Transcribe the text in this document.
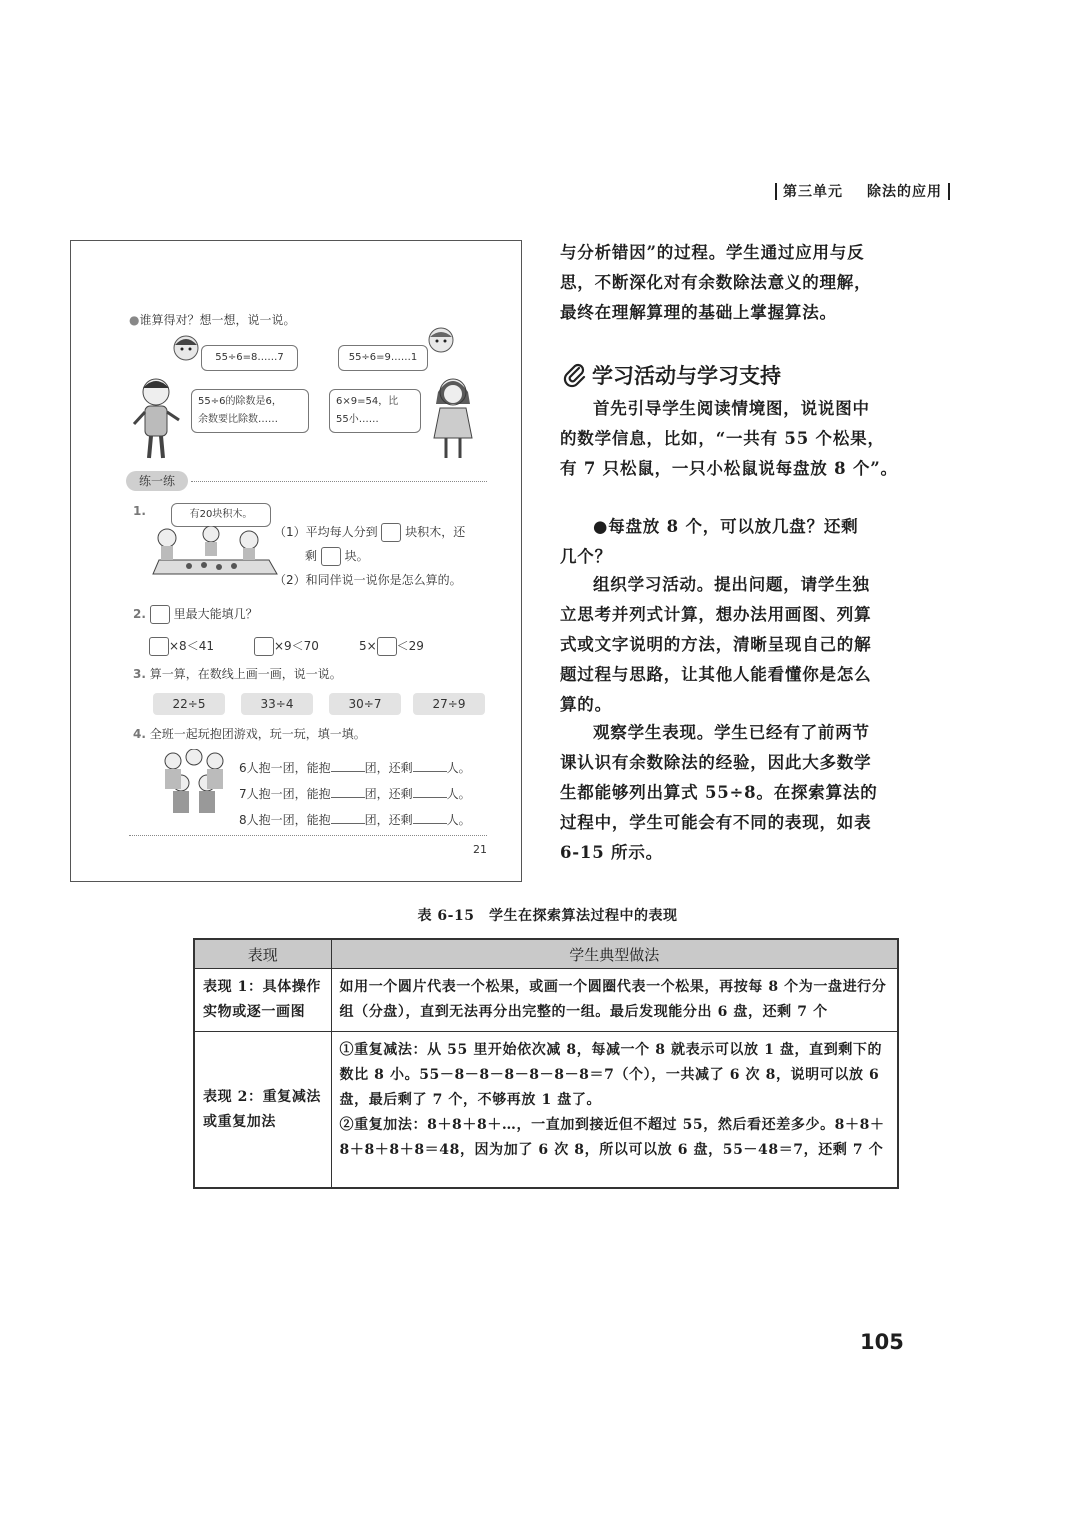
第三单元 除法的应用
●谁算得对？想一想，说一说。
55÷6=8……7	55÷6=9……1
55÷6的除数是6，
余数要比除数……
6×9=54，比
55小……
练一练
1.	有20块积木。
（1）平均每人分到 块积木，还
剩 块。
（2）和同伴说一说你是怎么算的。
2. 里最大能填几？
×8＜41	×9＜70	5× ＜29
3. 算一算，在数线上画一画，说一说。
22÷5	33÷4	30÷7	27÷9
4. 全班一起玩抱团游戏，玩一玩，填一填。
6人抱一团，能抱	团，还剩	人。
7人抱一团，能抱	团，还剩	人。
8人抱一团，能抱	团，还剩	人。
21

与分析错因”的过程。学生通过应用与反

思，不断深化对有余数除法意义的理解，

最终在理解算理的基础上掌握算法。

学习活动与学习支持

首先引导学生阅读情境图，说说图中

的数学信息，比如，“一共有 55 个松果，

有 7 只松鼠，一只小松鼠说每盘放 8 个”。

●每盘放 8 个，可以放几盘？还剩

几个？

组织学习活动。提出问题，请学生独

立思考并列式计算，想办法用画图、列算

式或文字说明的方法，清晰呈现自己的解

题过程与思路，让其他人能看懂你是怎么

算的。

观察学生表现。学生已经有了前两节

课认识有余数除法的经验，因此大多数学

生都能够列出算式 55÷8。在探索算法的

过程中，学生可能会有不同的表现，如表

6-15 所示。

表 6-15　学生在探索算法过程中的表现
表现	学生典型做法
表现 1：具体操作实物或逐一画图	如用一个圆片代表一个松果，或画一个圆圈代表一个松果，再按每 8 个为一盘进行分组（分盘），直到无法再分出完整的一组。最后发现能分出 6 盘，还剩 7 个
表现 2：重复减法或重复加法	①重复减法：从 55 里开始依次减 8，每减一个 8 就表示可以放 1 盘，直到剩下的数比 8 小。55－8－8－8－8－8－8＝7（个），一共减了 6 次 8，说明可以放 6 盘，最后剩了 7 个，不够再放 1 盘了。
②重复加法：8＋8＋8＋…，一直加到接近但不超过 55，然后看还差多少。8＋8＋8＋8＋8＋8＝48，因为加了 6 次 8，所以可以放 6 盘，55－48＝7，还剩 7 个
105
